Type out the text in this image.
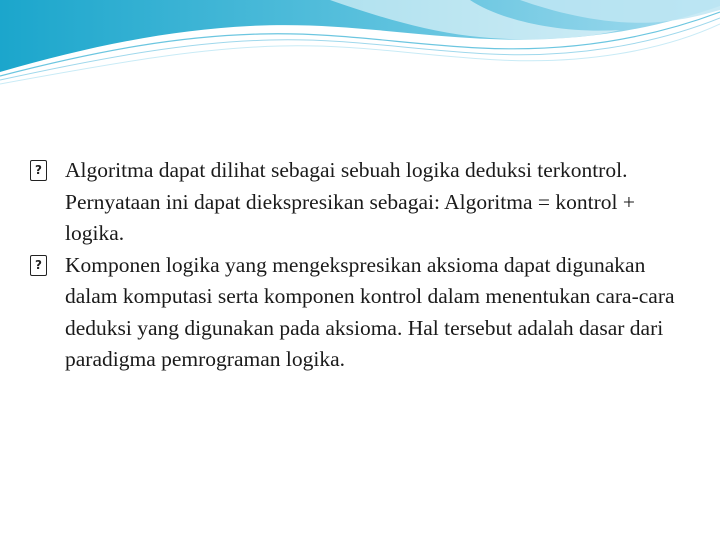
?
Algoritma dapat dilihat sebagai sebuah logika deduksi terkontrol. Pernyataan ini dapat diekspresikan sebagai: Algoritma = kontrol + logika.

?
Komponen logika yang mengekspresikan aksioma dapat digunakan dalam komputasi serta komponen kontrol dalam menentukan cara-cara deduksi yang digunakan pada aksioma. Hal tersebut adalah dasar dari paradigma pemrograman logika.
